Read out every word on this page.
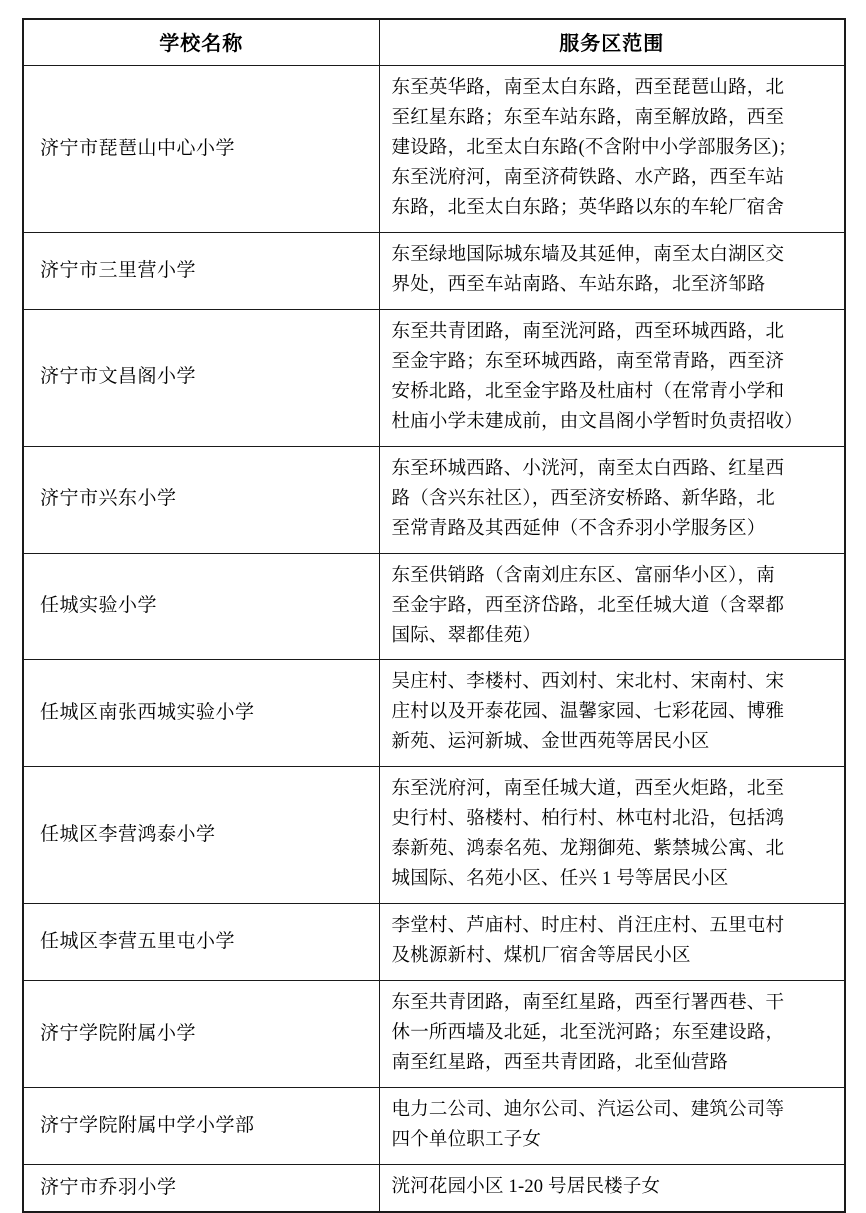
学校名称	服务区范围
济宁市琵琶山中心小学	东至英华路，南至太白东路，西至琵琶山路，北
至红星东路；东至车站东路，南至解放路，西至
建设路，北至太白东路(不含附中小学部服务区)；
东至洸府河，南至济荷铁路、水产路，西至车站
东路，北至太白东路；英华路以东的车轮厂宿舍

济宁市三里营小学	东至绿地国际城东墙及其延伸，南至太白湖区交
界处，西至车站南路、车站东路，北至济邹路

济宁市文昌阁小学	东至共青团路，南至洸河路，西至环城西路，北
至金宇路；东至环城西路，南至常青路，西至济
安桥北路，北至金宇路及杜庙村（在常青小学和
杜庙小学未建成前，由文昌阁小学暂时负责招收）

济宁市兴东小学	东至环城西路、小洸河，南至太白西路、红星西
路（含兴东社区），西至济安桥路、新华路，北
至常青路及其西延伸（不含乔羽小学服务区）

任城实验小学	东至供销路（含南刘庄东区、富丽华小区），南
至金宇路，西至济岱路，北至任城大道（含翠都
国际、翠都佳苑）

任城区南张西城实验小学	吴庄村、李楼村、西刘村、宋北村、宋南村、宋
庄村以及开泰花园、温馨家园、七彩花园、博雅
新苑、运河新城、金世西苑等居民小区

任城区李营鸿泰小学	东至洸府河，南至任城大道，西至火炬路，北至
史行村、骆楼村、柏行村、林屯村北沿，包括鸿
泰新苑、鸿泰名苑、龙翔御苑、紫禁城公寓、北
城国际、名苑小区、任兴 1 号等居民小区

任城区李营五里屯小学	李堂村、芦庙村、时庄村、肖汪庄村、五里屯村
及桃源新村、煤机厂宿舍等居民小区

济宁学院附属小学	东至共青团路，南至红星路，西至行署西巷、干
休一所西墙及北延，北至洸河路；东至建设路，
南至红星路，西至共青团路，北至仙营路

济宁学院附属中学小学部	电力二公司、迪尔公司、汽运公司、建筑公司等
四个单位职工子女

济宁市乔羽小学	洸河花园小区 1-20 号居民楼子女
